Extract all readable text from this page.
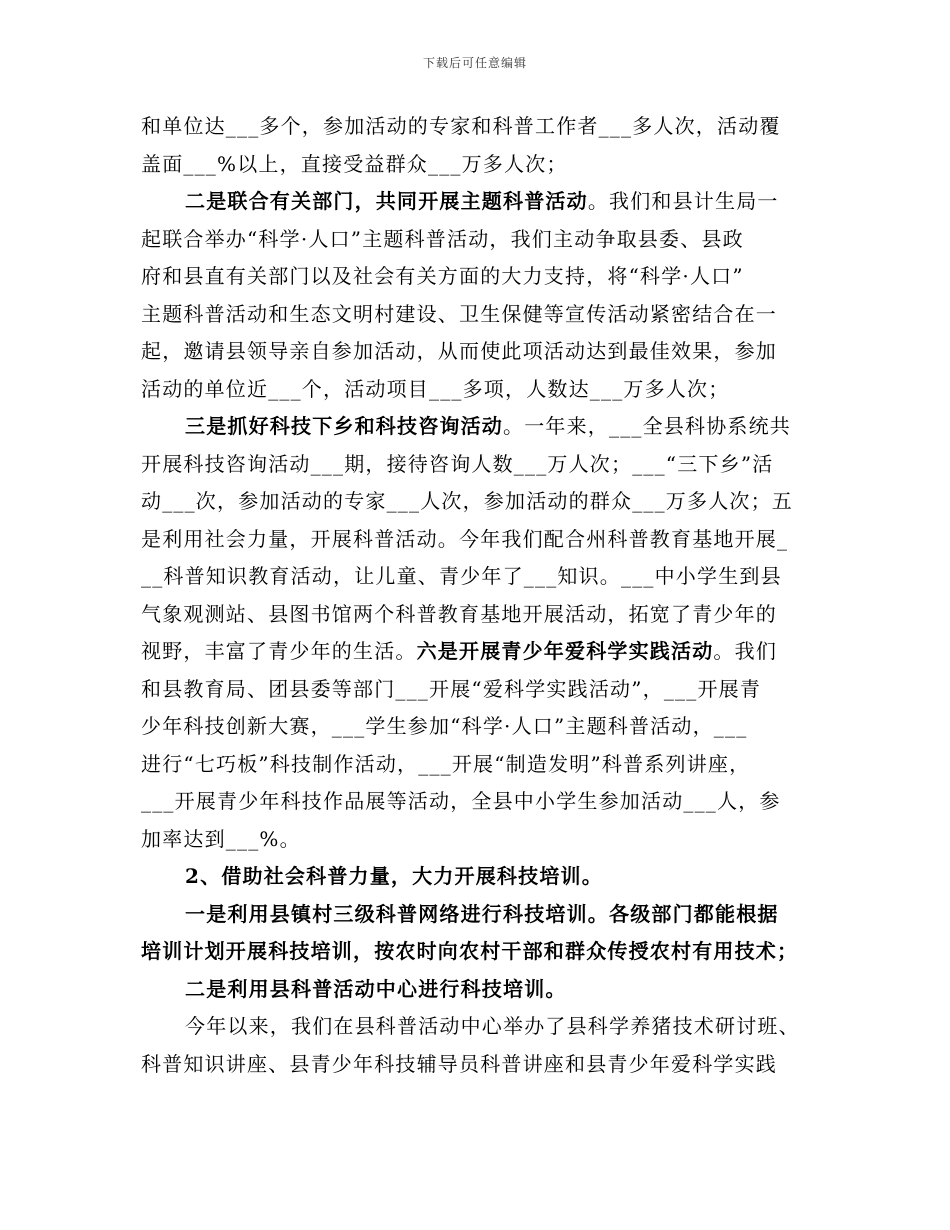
下载后可任意编辑
和单位达___多个，参加活动的专家和科普工作者___多人次，活动覆
盖面___%以上，直接受益群众___万多人次；
二是联合有关部门，共同开展主题科普活动。我们和县计生局一
起联合举办“科学·人口”主题科普活动，我们主动争取县委、县政
府和县直有关部门以及社会有关方面的大力支持，将“科学·人口”
主题科普活动和生态文明村建设、卫生保健等宣传活动紧密结合在一
起，邀请县领导亲自参加活动，从而使此项活动达到最佳效果，参加
活动的单位近___个，活动项目___多项，人数达___万多人次；
三是抓好科技下乡和科技咨询活动。一年来，___全县科协系统共
开展科技咨询活动___期，接待咨询人数___万人次；___“三下乡”活
动___次，参加活动的专家___人次，参加活动的群众___万多人次；五
是利用社会力量，开展科普活动。今年我们配合州科普教育基地开展_
__科普知识教育活动，让儿童、青少年了___知识。___中小学生到县
气象观测站、县图书馆两个科普教育基地开展活动，拓宽了青少年的
视野，丰富了青少年的生活。六是开展青少年爱科学实践活动。我们
和县教育局、团县委等部门___开展“爱科学实践活动”，___开展青
少年科技创新大赛，___学生参加“科学·人口”主题科普活动，___
进行“七巧板”科技制作活动，___开展“制造发明”科普系列讲座，
___开展青少年科技作品展等活动，全县中小学生参加活动___人，参
加率达到___%。
2、借助社会科普力量，大力开展科技培训。
一是利用县镇村三级科普网络进行科技培训。各级部门都能根据
培训计划开展科技培训，按农时向农村干部和群众传授农村有用技术；
二是利用县科普活动中心进行科技培训。
今年以来，我们在县科普活动中心举办了县科学养猪技术研讨班、
科普知识讲座、县青少年科技辅导员科普讲座和县青少年爱科学实践
